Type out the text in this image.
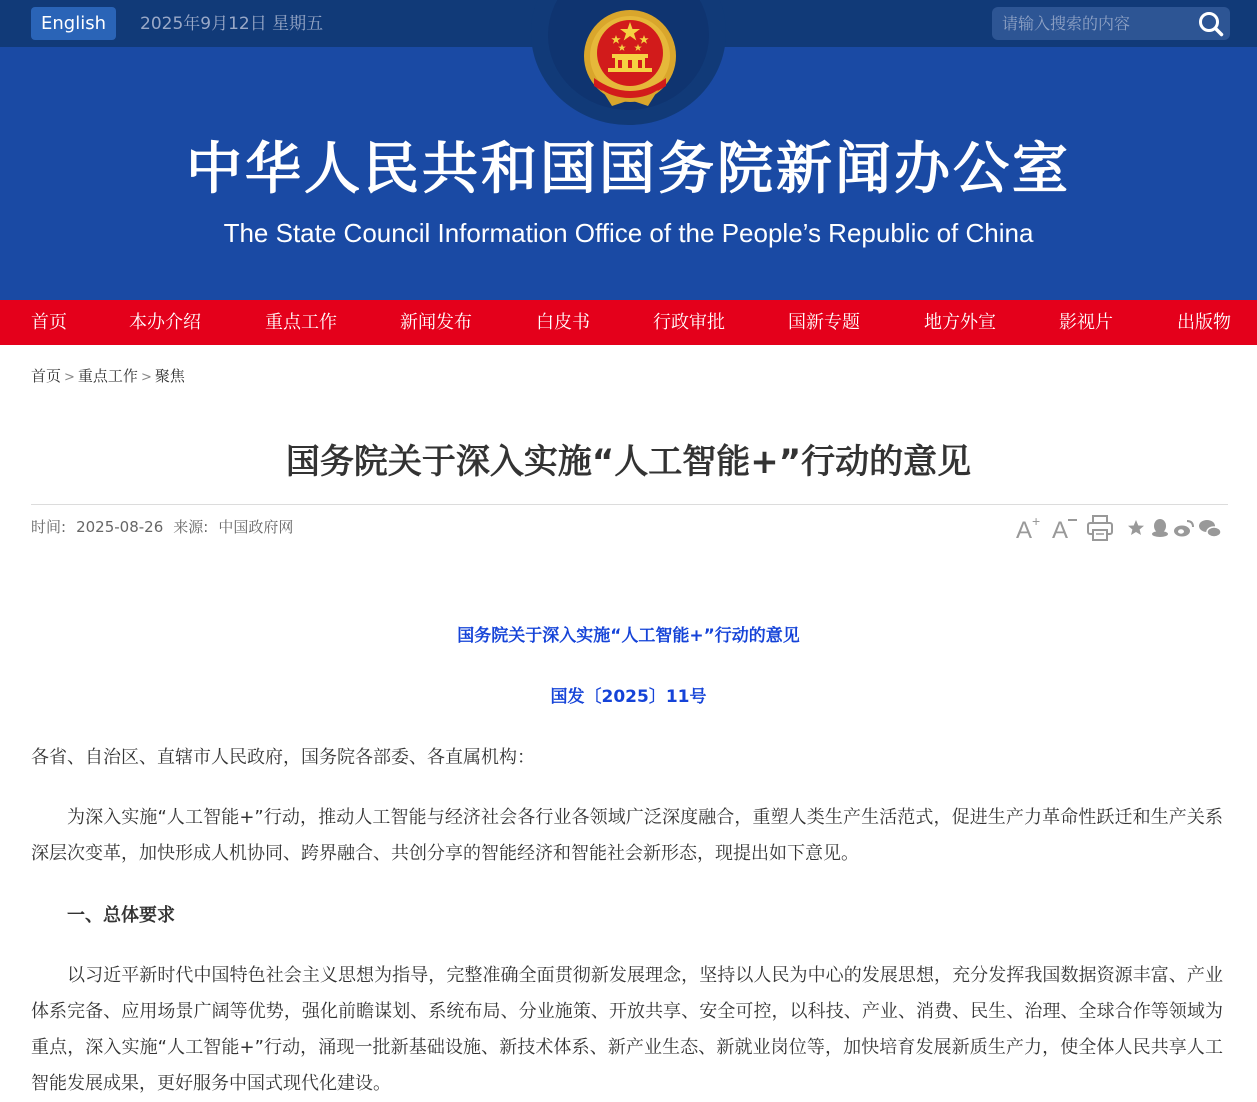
English	2025年9月12日 星期五
请输入搜索的内容
中华人民共和国国务院新闻办公室
The State Council Information Office of the People’s Republic of China
首页	本办介绍	重点工作	新闻发布	白皮书	行政审批	国新专题	地方外宣	影视片	出版物
首页 > 重点工作 > 聚焦
国务院关于深入实施“人工智能+”行动的意见
时间: 2025-08-26 来源: 中国政府网	A + A
国务院关于深入实施“人工智能+”行动的意见
国发〔2025〕11号
各省、自治区、直辖市人民政府，国务院各部委、各直属机构：

为深入实施“人工智能+”行动，推动人工智能与经济社会各行业各领域广泛深度融合，重塑人类生产生活范式，促进生产力革命性跃迁和生产关系深层次变革，加快形成人机协同、跨界融合、共创分享的智能经济和智能社会新形态，现提出如下意见。

一、总体要求

以习近平新时代中国特色社会主义思想为指导，完整准确全面贯彻新发展理念，坚持以人民为中心的发展思想，充分发挥我国数据资源丰富、产业体系完备、应用场景广阔等优势，强化前瞻谋划、系统布局、分业施策、开放共享、安全可控，以科技、产业、消费、民生、治理、全球合作等领域为重点，深入实施“人工智能+”行动，涌现一批新基础设施、新技术体系、新产业生态、新就业岗位等，加快培育发展新质生产力，使全体人民共享人工智能发展成果，更好服务中国式现代化建设。
